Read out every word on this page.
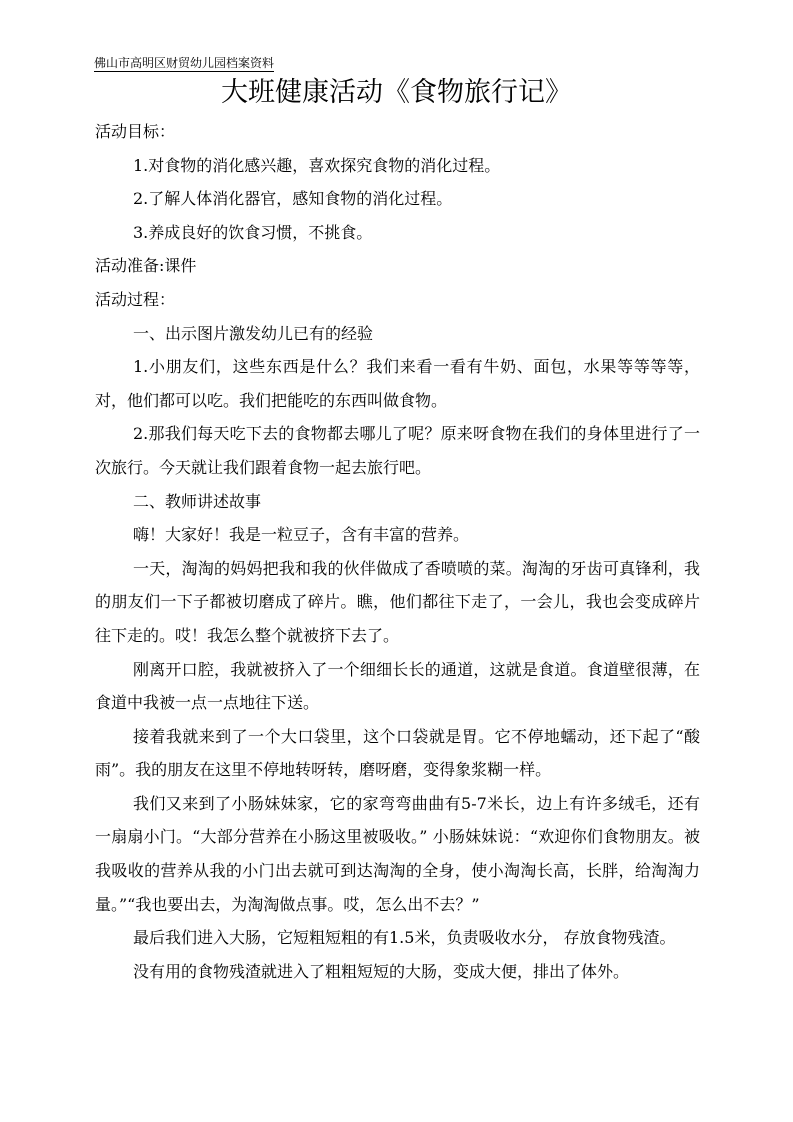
佛山市高明区财贸幼儿园档案资料
大班健康活动《食物旅行记》

活动目标：

1.对食物的消化感兴趣，喜欢探究食物的消化过程。

2.了解人体消化器官，感知食物的消化过程。

3.养成良好的饮食习惯，不挑食。

活动准备:课件

活动过程：

一、出示图片激发幼儿已有的经验

1.小朋友们，这些东西是什么？我们来看一看有牛奶、面包，水果等等等等，对，他们都可以吃。我们把能吃的东西叫做食物。

2.那我们每天吃下去的食物都去哪儿了呢？原来呀食物在我们的身体里进行了一次旅行。今天就让我们跟着食物一起去旅行吧。

二、教师讲述故事

嗨！大家好！我是一粒豆子，含有丰富的营养。

一天，淘淘的妈妈把我和我的伙伴做成了香喷喷的菜。淘淘的牙齿可真锋利，我的朋友们一下子都被切磨成了碎片。瞧，他们都往下走了，一会儿，我也会变成碎片往下走的。哎！我怎么整个就被挤下去了。

刚离开口腔，我就被挤入了一个细细长长的通道，这就是食道。食道壁很薄，在食道中我被一点一点地往下送。

接着我就来到了一个大口袋里，这个口袋就是胃。它不停地蠕动，还下起了“酸雨”。我的朋友在这里不停地转呀转，磨呀磨，变得象浆糊一样。

我们又来到了小肠妹妹家，它的家弯弯曲曲有5-7米长，边上有许多绒毛，还有一扇扇小门。“大部分营养在小肠这里被吸收。” 小肠妹妹说：“欢迎你们食物朋友。被我吸收的营养从我的小门出去就可到达淘淘的全身，使小淘淘长高，长胖，给淘淘力量。”“我也要出去，为淘淘做点事。哎，怎么出不去？”

最后我们进入大肠，它短粗短粗的有1.5米，负责吸收水分， 存放食物残渣。

没有用的食物残渣就进入了粗粗短短的大肠，变成大便，排出了体外。
